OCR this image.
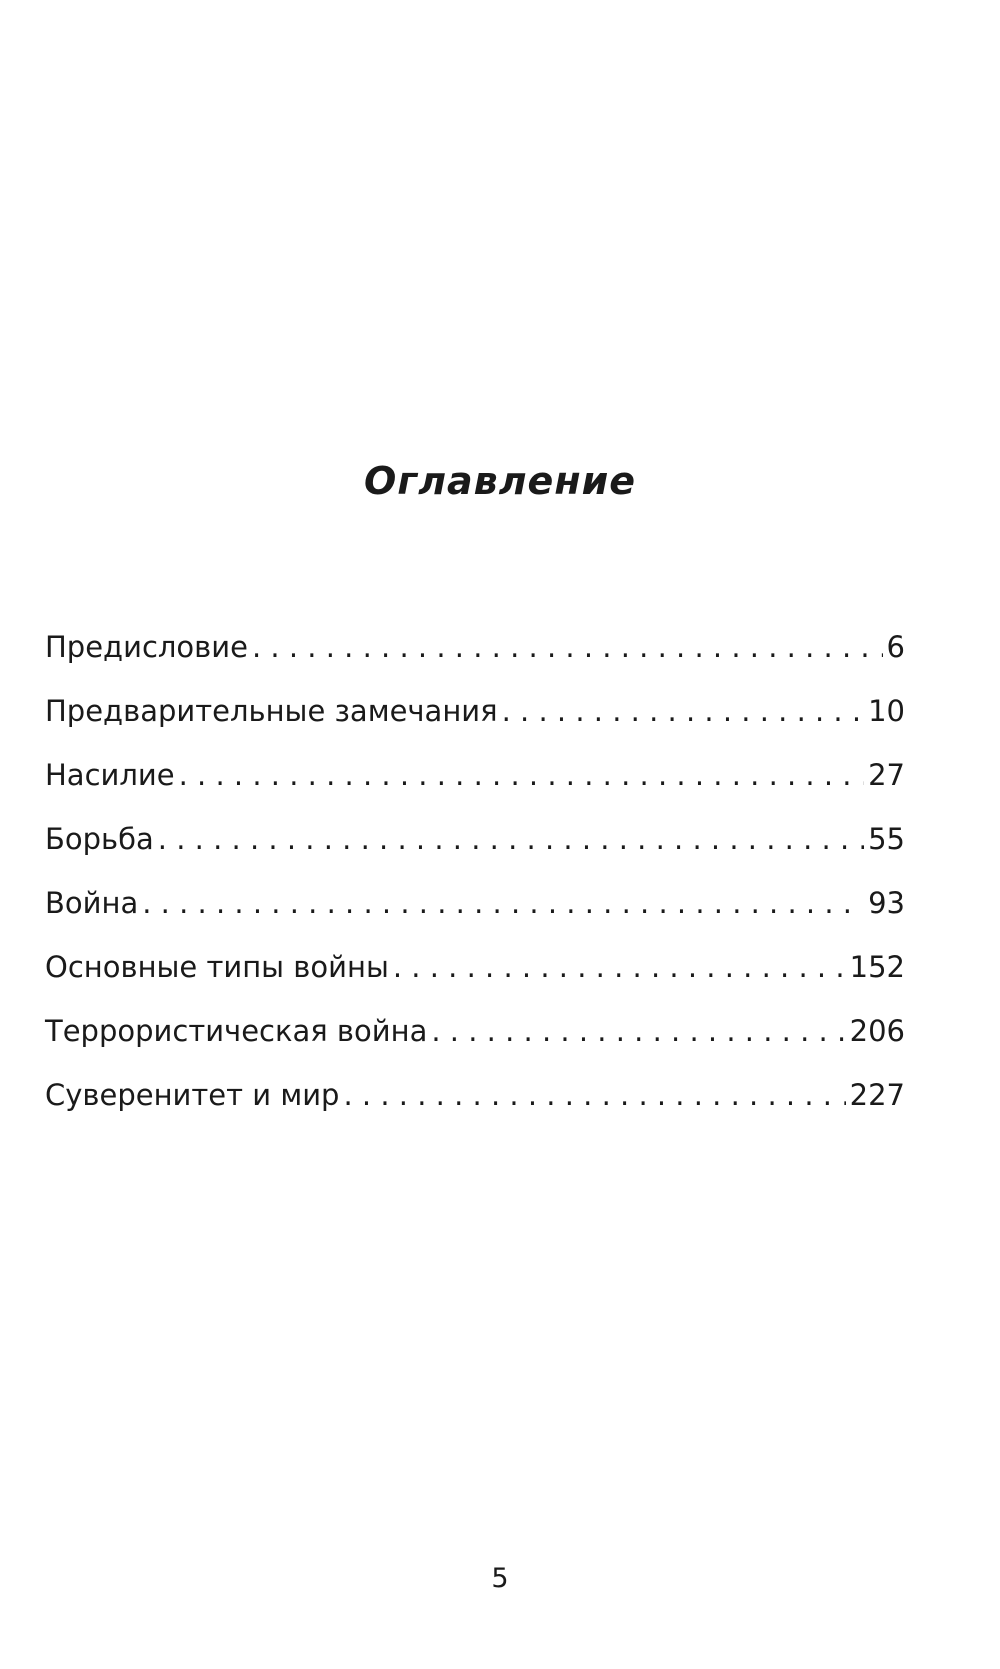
Оглавление
Предисловие . . .	6
Предварительные замечания . . .	10
Насилие . . .	27
Борьба . . .	55
Война . . .	93
Основные типы войны . . .	152
Террористическая война . . .	206
Суверенитет и мир . . .	227
5
